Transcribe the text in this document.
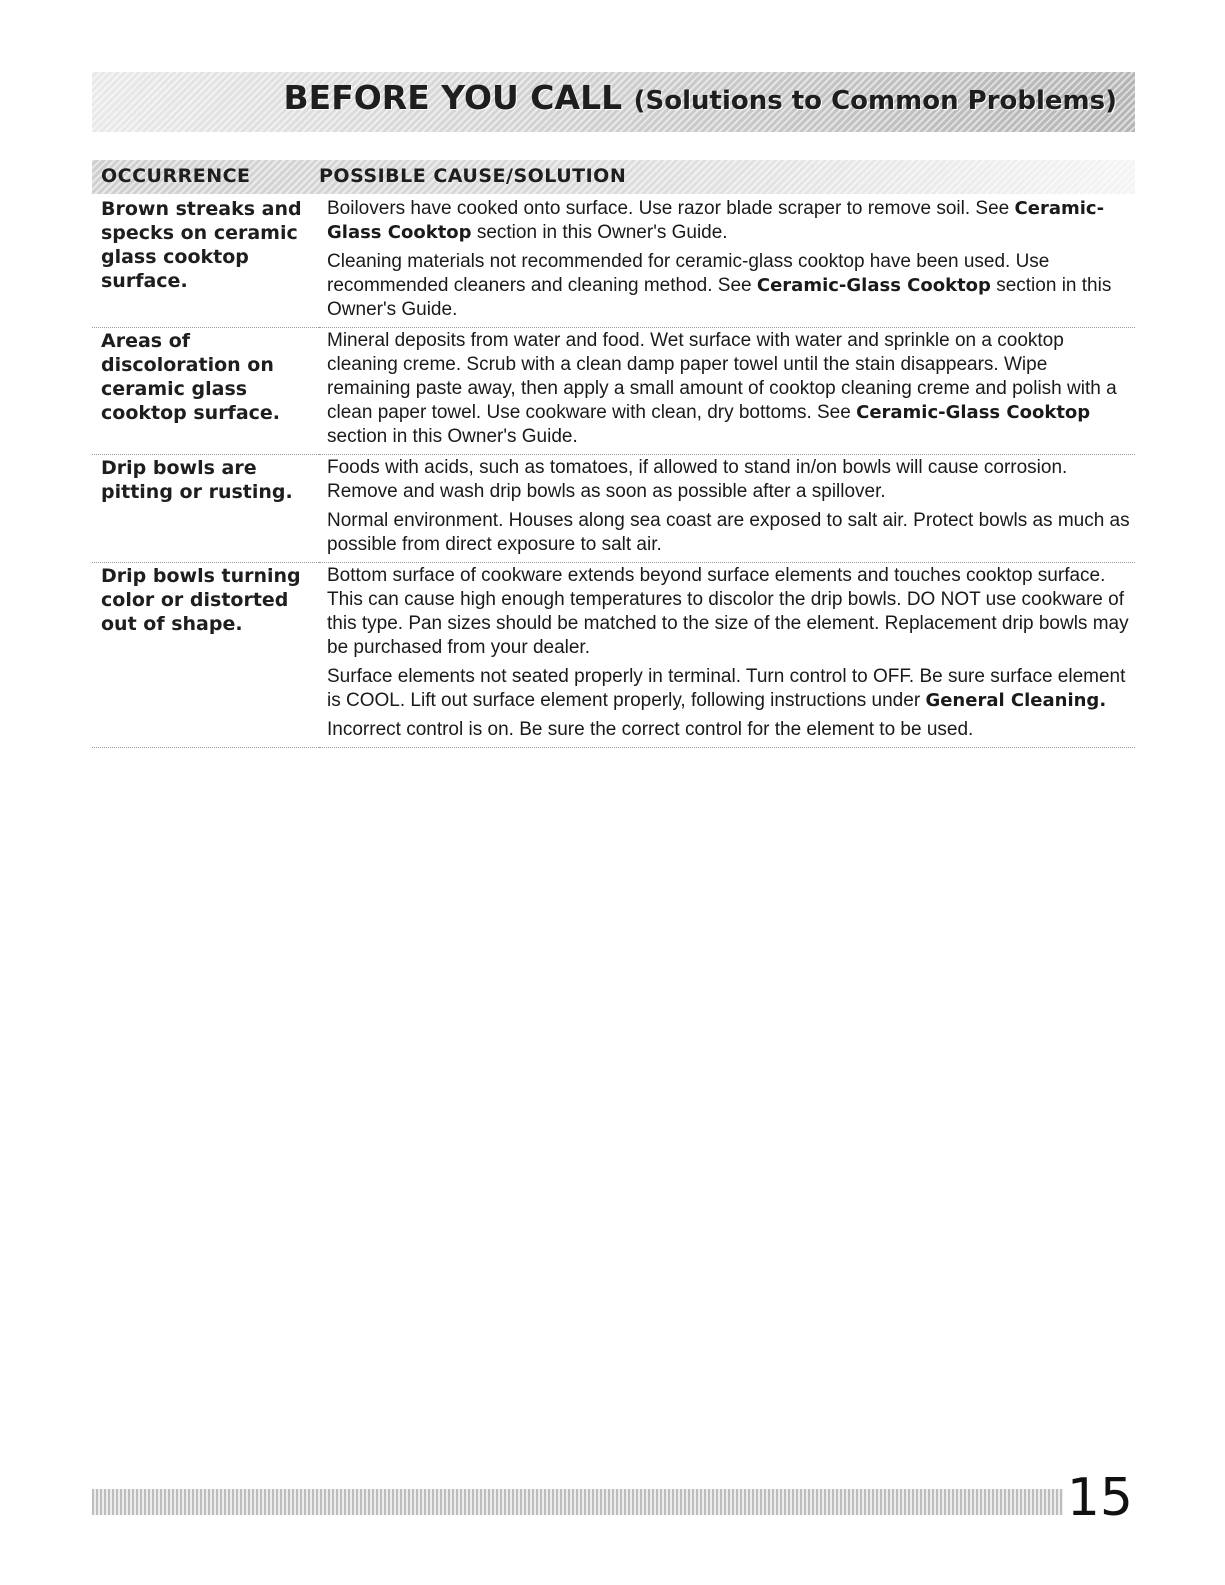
BEFORE YOU CALL (Solutions to Common Problems)
OCCURRENCE	POSSIBLE CAUSE/SOLUTION
Brown streaks and specks on ceramic glass cooktop surface.	Boilovers have cooked onto surface. Use razor blade scraper to remove soil. See Ceramic-Glass Cooktop section in this Owner's Guide.

Cleaning materials not recommended for ceramic-glass cooktop have been used. Use recommended cleaners and cleaning method. See Ceramic-Glass Cooktop section in this Owner's Guide.

Areas of discoloration on ceramic glass cooktop surface.	Mineral deposits from water and food. Wet surface with water and sprinkle on a cooktop cleaning creme. Scrub with a clean damp paper towel until the stain disappears. Wipe remaining paste away, then apply a small amount of cooktop cleaning creme and polish with a clean paper towel. Use cookware with clean, dry bottoms. See Ceramic-Glass Cooktop section in this Owner's Guide.

Drip bowls are pitting or rusting.	Foods with acids, such as tomatoes, if allowed to stand in/on bowls will cause corrosion. Remove and wash drip bowls as soon as possible after a spillover.

Normal environment. Houses along sea coast are exposed to salt air. Protect bowls as much as possible from direct exposure to salt air.

Drip bowls turning color or distorted out of shape.	Bottom surface of cookware extends beyond surface elements and touches cooktop surface. This can cause high enough temperatures to discolor the drip bowls. DO NOT use cookware of this type. Pan sizes should be matched to the size of the element. Replacement drip bowls may be purchased from your dealer.

Surface elements not seated properly in terminal. Turn control to OFF. Be sure surface element is COOL. Lift out surface element properly, following instructions under General Cleaning.

Incorrect control is on. Be sure the correct control for the element to be used.

15
